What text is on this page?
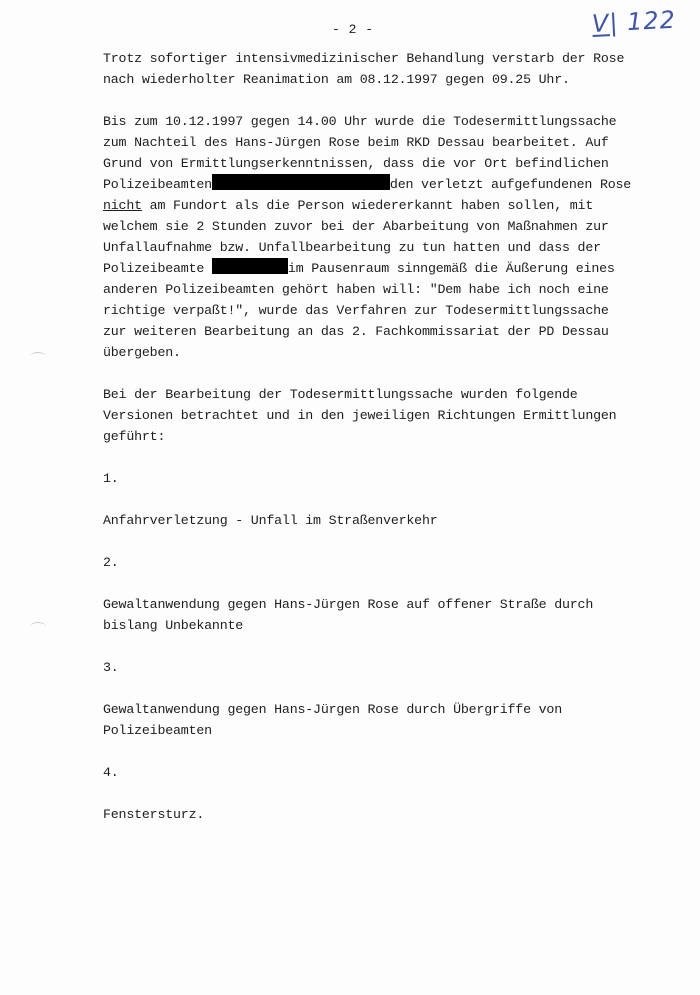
- 2 -	V| 122
Trotz sofortiger intensivmedizinischer Behandlung verstarb der Rose
nach wiederholter Reanimation am 08.12.1997 gegen 09.25 Uhr.
Bis zum 10.12.1997 gegen 14.00 Uhr wurde die Todesermittlungssache
zum Nachteil des Hans-Jürgen Rose beim RKD Dessau bearbeitet. Auf
Grund von Ermittlungserkenntnissen, dass die vor Ort befindlichen
Polizeibeamten	den verletzt aufgefundenen Rose
nicht am Fundort als die Person wiedererkannt haben sollen, mit
welchem sie 2 Stunden zuvor bei der Abarbeitung von Maßnahmen zur
Unfallaufnahme bzw. Unfallbearbeitung zu tun hatten und dass der
Polizeibeamte	im Pausenraum sinngemäß die Äußerung eines
anderen Polizeibeamten gehört haben will: "Dem habe ich noch eine
richtige verpaßt!", wurde das Verfahren zur Todesermittlungssache
zur weiteren Bearbeitung an das 2. Fachkommissariat der PD Dessau
übergeben.
Bei der Bearbeitung der Todesermittlungssache wurden folgende
Versionen betrachtet und in den jeweiligen Richtungen Ermittlungen
geführt:
1.
Anfahrverletzung - Unfall im Straßenverkehr
2.
Gewaltanwendung gegen Hans-Jürgen Rose auf offener Straße durch
bislang Unbekannte
3.
Gewaltanwendung gegen Hans-Jürgen Rose durch Übergriffe von
Polizeibeamten
4.
Fenstersturz.
